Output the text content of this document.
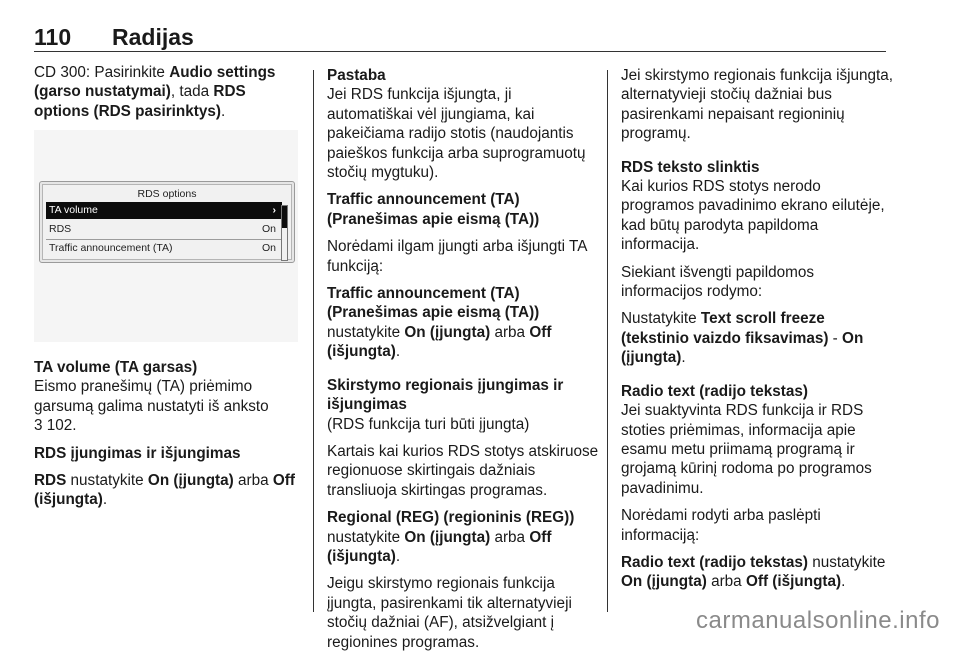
110 Radijas

CD 300: Pasirinkite Audio settings (garso nustatymai), tada RDS options (RDS pasirinktys).

RDS options
TA volume	›
RDS	On
Traffic announcement (TA)	On

TA volume (TA garsas)
Eismo pranešimų (TA) priėmimo garsumą galima nustatyti iš anksto
3 102.

RDS įjungimas ir išjungimas

RDS nustatykite On (įjungta) arba Off (išjungta).

Pastaba
Jei RDS funkcija išjungta, ji automatiškai vėl įjungiama, kai pakeičiama radijo stotis (naudojantis paieškos funkcija arba suprogramuotų stočių mygtuku).

Traffic announcement (TA) (Pranešimas apie eismą (TA))

Norėdami ilgam įjungti arba išjungti TA funkciją:

Traffic announcement (TA) (Pranešimas apie eismą (TA)) nustatykite On (įjungta) arba Off (išjungta).

Skirstymo regionais įjungimas ir išjungimas

(RDS funkcija turi būti įjungta)

Kartais kai kurios RDS stotys atskiruose regionuose skirtingais dažniais transliuoja skirtingas programas.

Regional (REG) (regioninis (REG)) nustatykite On (įjungta) arba Off (išjungta).

Jeigu skirstymo regionais funkcija įjungta, pasirenkami tik alternatyvieji stočių dažniai (AF), atsižvelgiant į regionines programas.

Jei skirstymo regionais funkcija išjungta, alternatyvieji stočių dažniai bus pasirenkami nepaisant regioninių programų.

RDS teksto slinktis

Kai kurios RDS stotys nerodo programos pavadinimo ekrano eilutėje, kad būtų parodyta papildoma informacija.

Siekiant išvengti papildomos informacijos rodymo:

Nustatykite Text scroll freeze (tekstinio vaizdo fiksavimas) - On (įjungta).

Radio text (radijo tekstas)

Jei suaktyvinta RDS funkcija ir RDS stoties priėmimas, informacija apie esamu metu priimamą programą ir grojamą kūrinį rodoma po programos pavadinimu.

Norėdami rodyti arba paslėpti informaciją:

Radio text (radijo tekstas) nustatykite On (įjungta) arba Off (išjungta).

carmanualsonline.info
